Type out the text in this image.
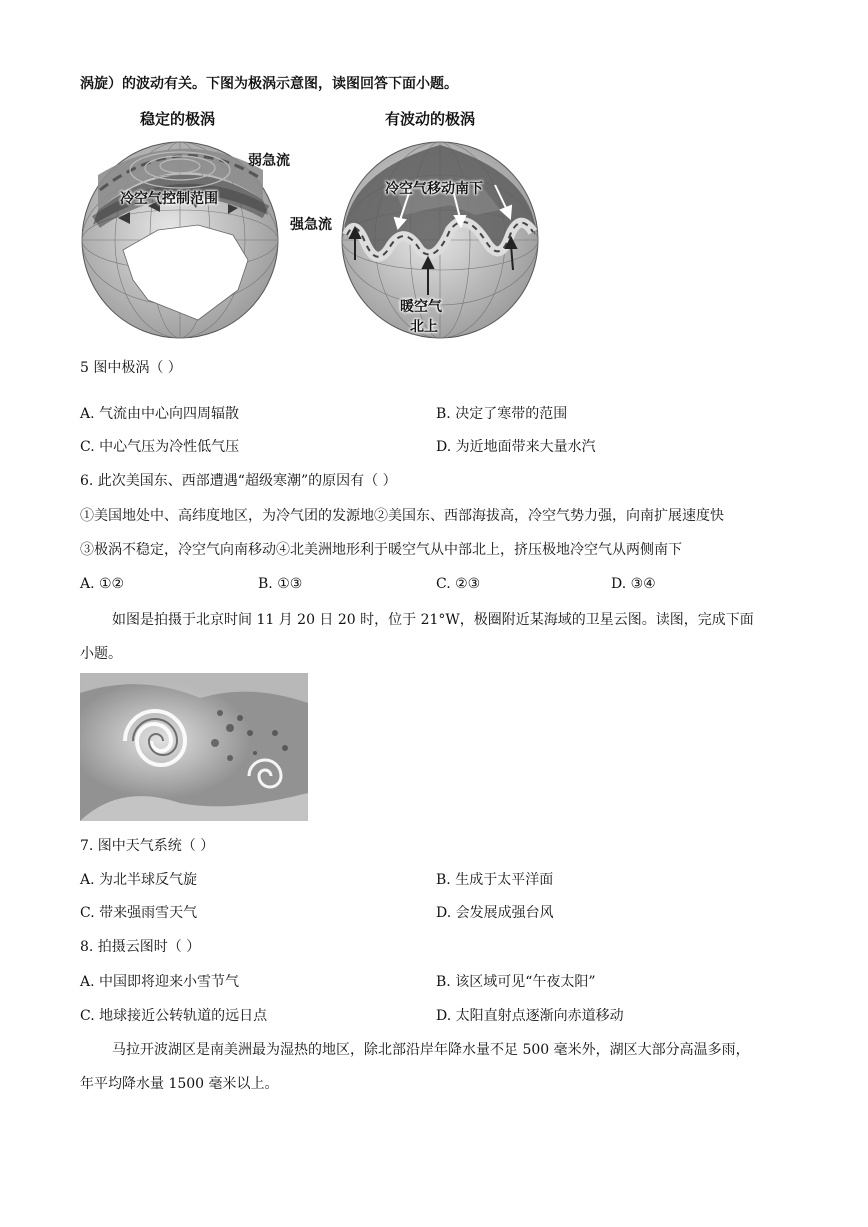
涡旋）的波动有关。下图为极涡示意图，读图回答下面小题。
稳定的极涡	有波动的极涡
弱急流
冷空气控制范围
冷空气移动南下
强急流
暖空气
北上
5 图中极涡（ ）
A. 气流由中心向四周辐散	B. 决定了寒带的范围
C. 中心气压为冷性低气压	D. 为近地面带来大量水汽
6. 此次美国东、西部遭遇“超级寒潮”的原因有（ ）
①美国地处中、高纬度地区，为冷气团的发源地②美国东、西部海拔高，冷空气势力强，向南扩展速度快
③极涡不稳定，冷空气向南移动④北美洲地形利于暖空气从中部北上，挤压极地冷空气从两侧南下
A. ①②	B. ①③	C. ②③	D. ③④
如图是拍摄于北京时间 11 月 20 日 20 时，位于 21°W，极圈附近某海域的卫星云图。读图，完成下面
小题。
7. 图中天气系统（ ）
A. 为北半球反气旋	B. 生成于太平洋面
C. 带来强雨雪天气	D. 会发展成强台风
8. 拍摄云图时（ ）
A. 中国即将迎来小雪节气	B. 该区域可见“午夜太阳”
C. 地球接近公转轨道的远日点	D. 太阳直射点逐渐向赤道移动
马拉开波湖区是南美洲最为湿热的地区，除北部沿岸年降水量不足 500 毫米外，湖区大部分高温多雨，
年平均降水量 1500 毫米以上。
